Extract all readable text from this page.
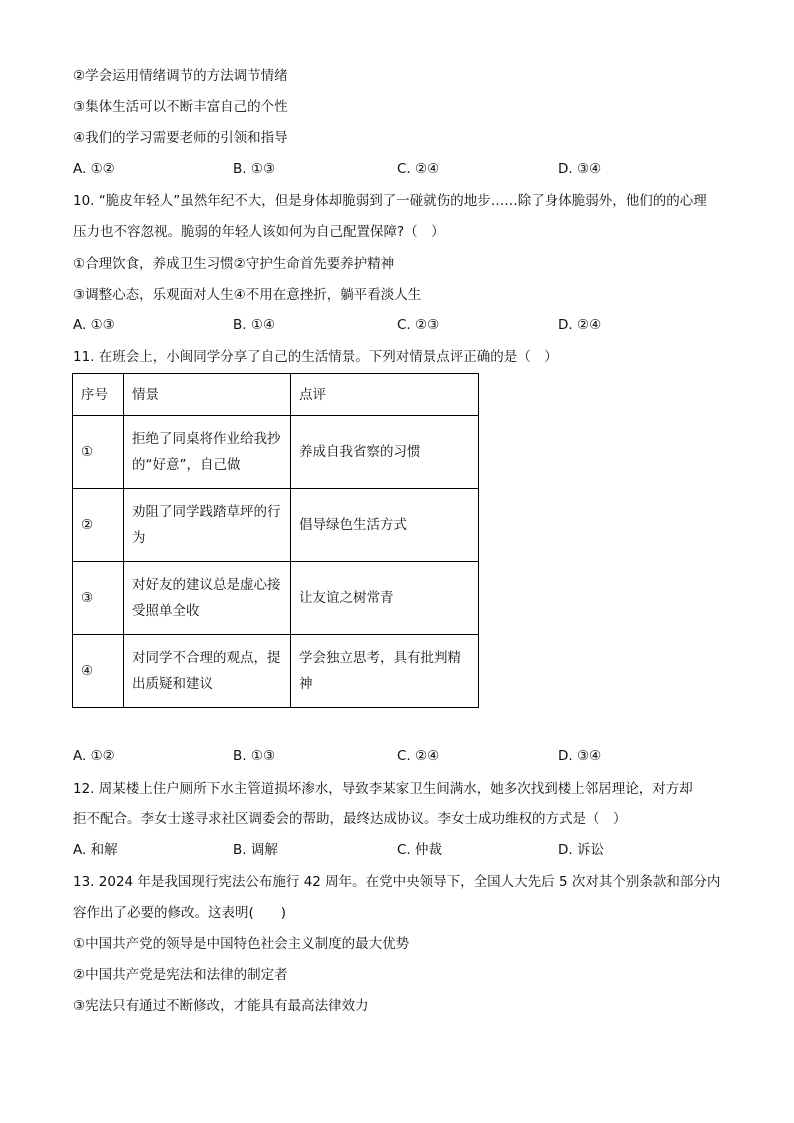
②学会运用情绪调节的方法调节情绪
③集体生活可以不断丰富自己的个性
④我们的学习需要老师的引领和指导
A. ①②	B. ①③	C. ②④	D. ③④
10. “脆皮年轻人”虽然年纪不大，但是身体却脆弱到了一碰就伤的地步……除了身体脆弱外，他们的的心理
压力也不容忽视。脆弱的年轻人该如何为自己配置保障?（　）
①合理饮食，养成卫生习惯②守护生命首先要养护精神
③调整心态，乐观面对人生④不用在意挫折，躺平看淡人生
A. ①③	B. ①④	C. ②③	D. ②④
11. 在班会上，小闽同学分享了自己的生活情景。下列对情景点评正确的是（　）
序号	情景	点评
①	拒绝了同桌将作业给我抄的“好意”，自己做	养成自我省察的习惯
②	劝阻了同学践踏草坪的行为	倡导绿色生活方式
③	对好友的建议总是虚心接受照单全收	让友谊之树常青
④	对同学不合理的观点，提出质疑和建议	学会独立思考，具有批判精神
A. ①②	B. ①③	C. ②④	D. ③④
12. 周某楼上住户厕所下水主管道损坏渗水，导致李某家卫生间满水，她多次找到楼上邻居理论，对方却
拒不配合。李女士遂寻求社区调委会的帮助，最终达成协议。李女士成功维权的方式是（　）
A. 和解	B. 调解	C. 仲裁	D. 诉讼
13. 2024 年是我国现行宪法公布施行 42 周年。在党中央领导下，全国人大先后 5 次对其个别条款和部分内
容作出了必要的修改。这表明(　　)
①中国共产党的领导是中国特色社会主义制度的最大优势
②中国共产党是宪法和法律的制定者
③宪法只有通过不断修改，才能具有最高法律效力
